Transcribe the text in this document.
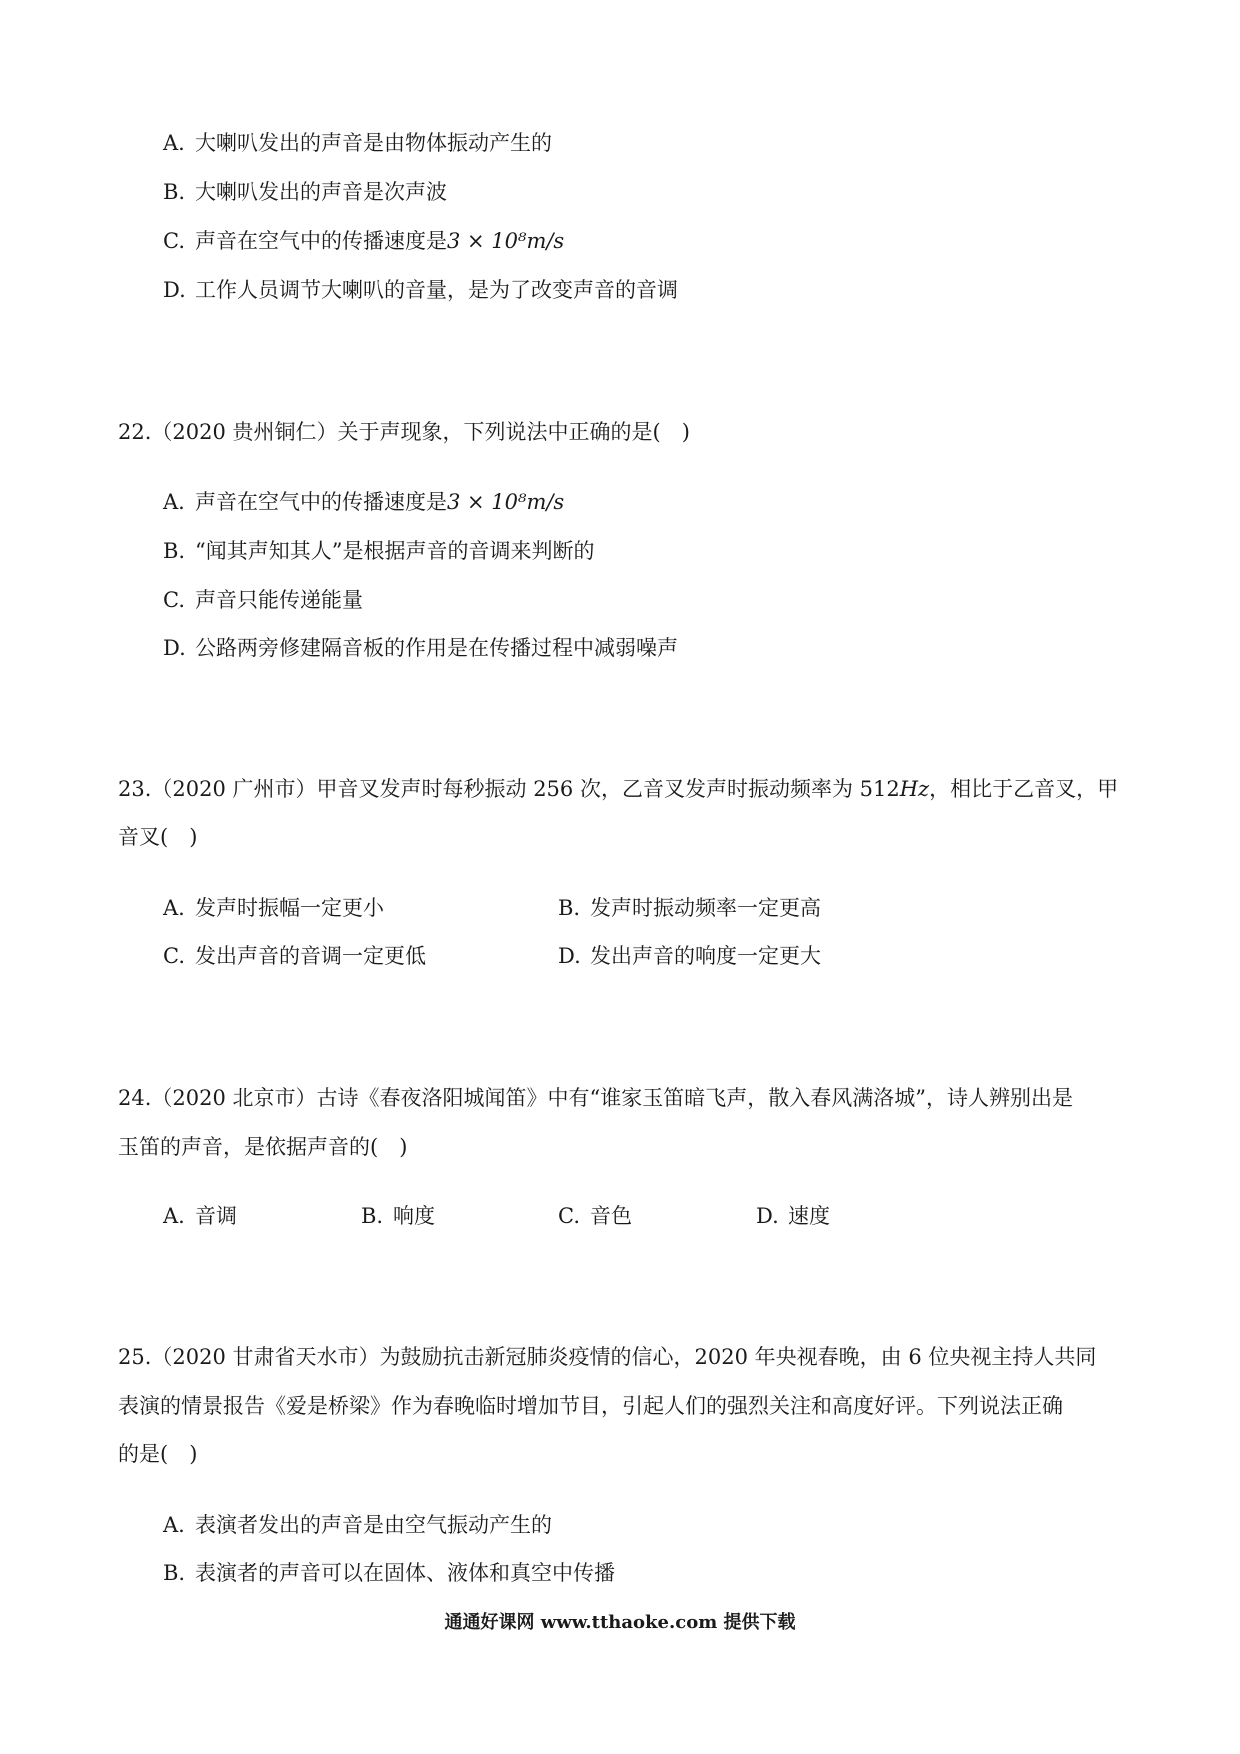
A. 大喇叭发出的声音是由物体振动产生的
B. 大喇叭发出的声音是次声波
C. 声音在空气中的传播速度是3 × 10⁸m/s
D. 工作人员调节大喇叭的音量，是为了改变声音的音调
22.（2020 贵州铜仁）关于声现象，下列说法中正确的是(　)
A. 声音在空气中的传播速度是3 × 10⁸m/s
B. “闻其声知其人”是根据声音的音调来判断的
C. 声音只能传递能量
D. 公路两旁修建隔音板的作用是在传播过程中减弱噪声
23.（2020 广州市）甲音叉发声时每秒振动 256 次，乙音叉发声时振动频率为 512Hz，相比于乙音叉，甲
音叉(　)
A. 发声时振幅一定更小	B. 发声时振动频率一定更高
C. 发出声音的音调一定更低	D. 发出声音的响度一定更大
24.（2020 北京市）古诗《春夜洛阳城闻笛》中有“谁家玉笛暗飞声，散入春风满洛城”，诗人辨别出是
玉笛的声音，是依据声音的(　)
A. 音调	B. 响度	C. 音色	D. 速度
25.（2020 甘肃省天水市）为鼓励抗击新冠肺炎疫情的信心，2020 年央视春晚，由 6 位央视主持人共同
表演的情景报告《爱是桥梁》作为春晚临时增加节目，引起人们的强烈关注和高度好评。下列说法正确
的是(　)
A. 表演者发出的声音是由空气振动产生的
B. 表演者的声音可以在固体、液体和真空中传播
通通好课网 www.tthaoke.com 提供下载
